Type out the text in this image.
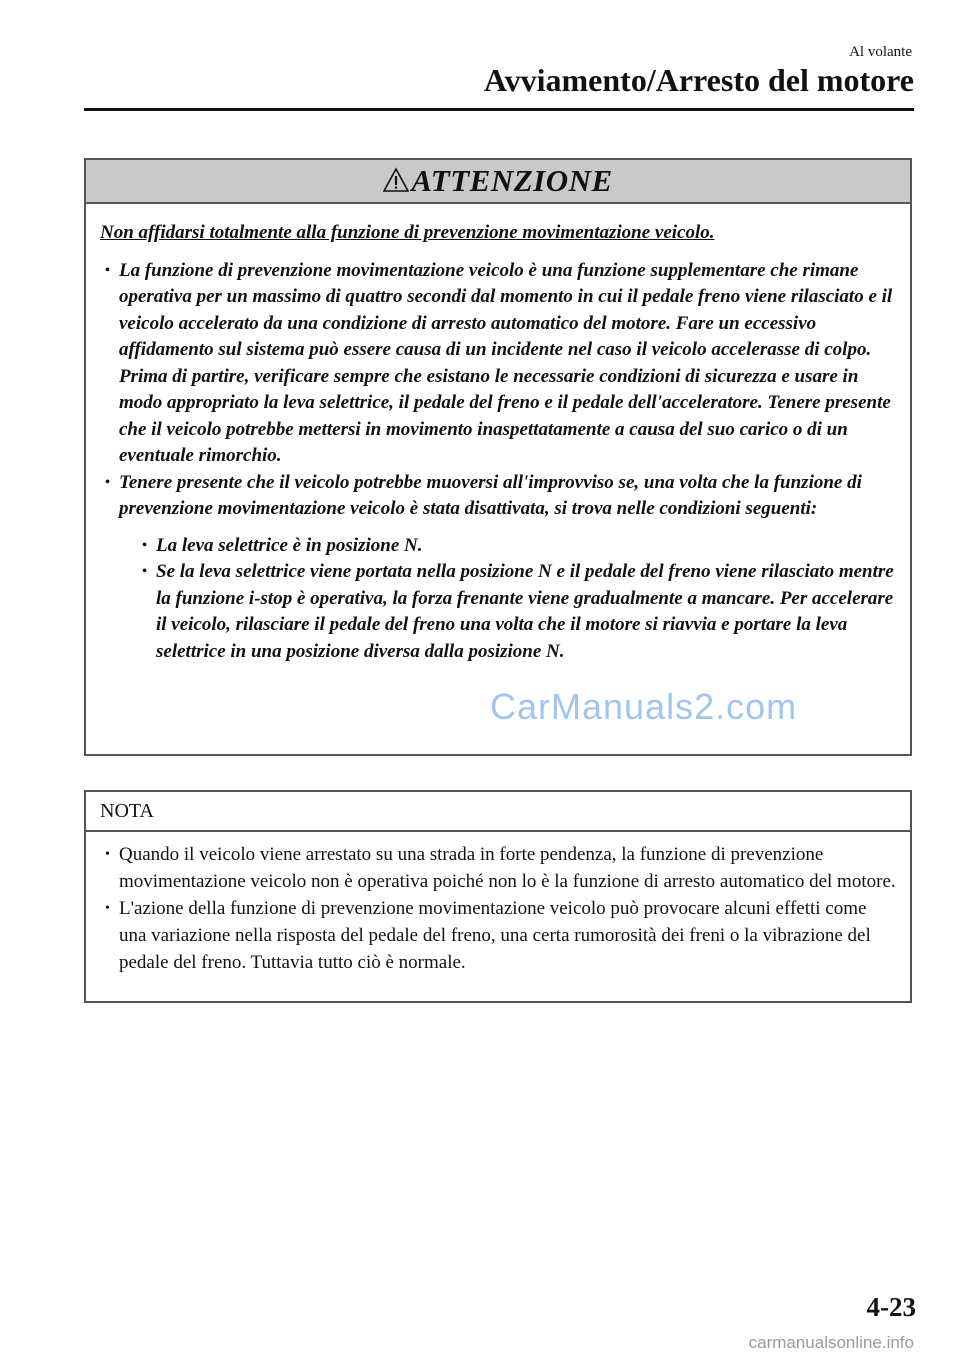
Al volante
Avviamento/Arresto del motore
ATTENZIONE
Non affidarsi totalmente alla funzione di prevenzione movimentazione veicolo.
• La funzione di prevenzione movimentazione veicolo è una funzione supplementare che rimane operativa per un massimo di quattro secondi dal momento in cui il pedale freno viene rilasciato e il veicolo accelerato da una condizione di arresto automatico del motore. Fare un eccessivo affidamento sul sistema può essere causa di un incidente nel caso il veicolo accelerasse di colpo. Prima di partire, verificare sempre che esistano le necessarie condizioni di sicurezza e usare in modo appropriato la leva selettrice, il pedale del freno e il pedale dell'acceleratore. Tenere presente che il veicolo potrebbe mettersi in movimento inaspettatamente a causa del suo carico o di un eventuale rimorchio.
• Tenere presente che il veicolo potrebbe muoversi all'improvviso se, una volta che la funzione di prevenzione movimentazione veicolo è stata disattivata, si trova nelle condizioni seguenti:
• La leva selettrice è in posizione N.
• Se la leva selettrice viene portata nella posizione N e il pedale del freno viene rilasciato mentre la funzione i-stop è operativa, la forza frenante viene gradualmente a mancare. Per accelerare il veicolo, rilasciare il pedale del freno una volta che il motore si riavvia e portare la leva selettrice in una posizione diversa dalla posizione N.
NOTA
• Quando il veicolo viene arrestato su una strada in forte pendenza, la funzione di prevenzione movimentazione veicolo non è operativa poiché non lo è la funzione di arresto automatico del motore.
• L'azione della funzione di prevenzione movimentazione veicolo può provocare alcuni effetti come una variazione nella risposta del pedale del freno, una certa rumorosità dei freni o la vibrazione del pedale del freno. Tuttavia tutto ciò è normale.
CarManuals2.com
4-23
carmanualsonline.info
